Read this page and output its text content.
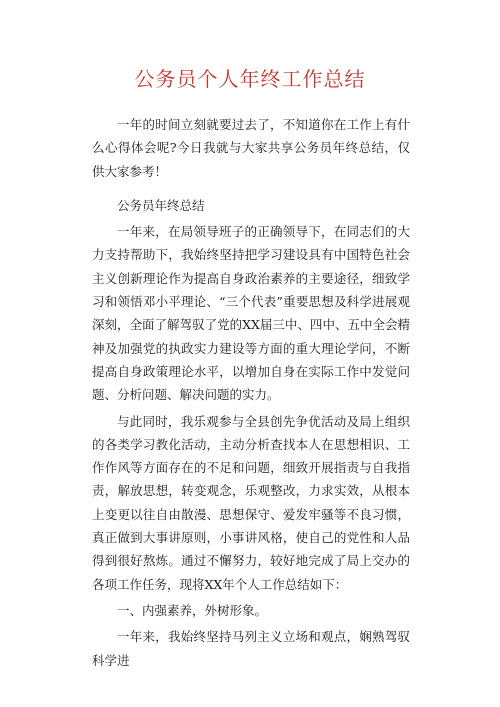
公务员个人年终工作总结

一年的时间立刻就要过去了，不知道你在工作上有什么心得体会呢?今日我就与大家共享公务员年终总结，仅供大家参考！

公务员年终总结

一年来，在局领导班子的正确领导下，在同志们的大力支持帮助下，我始终坚持把学习建设具有中国特色社会主义创新理论作为提高自身政治素养的主要途径，细致学习和领悟邓小平理论、“三个代表”重要思想及科学进展观深刻，全面了解驾驭了党的XX届三中、四中、五中全会精神及加强党的执政实力建设等方面的重大理论学问，不断提高自身政策理论水平，以增加自身在实际工作中发觉问题、分析问题、解决问题的实力。

与此同时，我乐观参与全县创先争优活动及局上组织的各类学习教化活动，主动分析查找本人在思想相识、工作作风等方面存在的不足和问题，细致开展指责与自我指责，解放思想，转变观念，乐观整改，力求实效，从根本上变更以往自由散漫、思想保守、爱发牢骚等不良习惯，真正做到大事讲原则，小事讲风格，使自己的党性和人品得到很好熬炼。通过不懈努力，较好地完成了局上交办的各项工作任务，现将XX年个人工作总结如下：

一、内强素养，外树形象。

一年来，我始终坚持马列主义立场和观点，娴熟驾驭科学进
